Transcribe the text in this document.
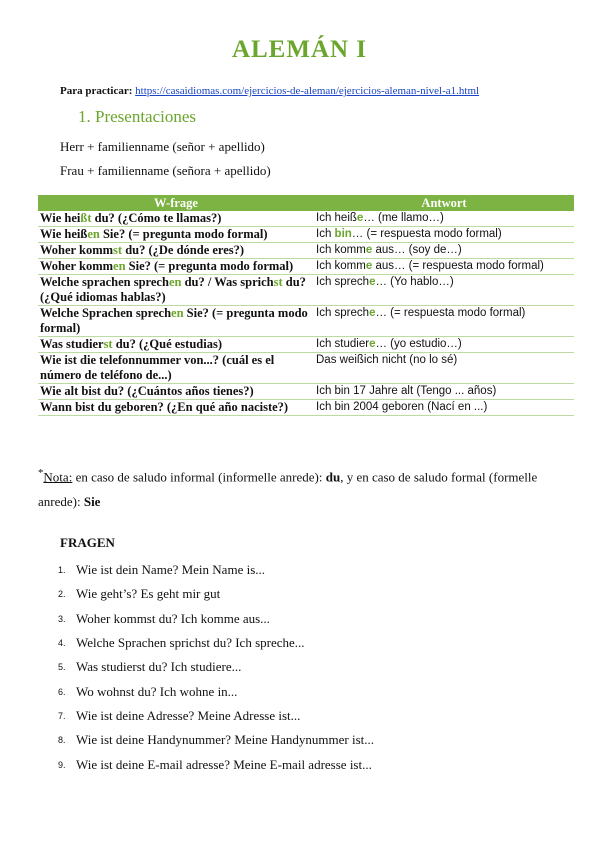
ALEMÁN I
Para practicar: https://casaidiomas.com/ejercicios-de-aleman/ejercicios-aleman-nivel-a1.html
1. Presentaciones
Herr + familienname (señor + apellido)
Frau + familienname (señora + apellido)
W-frage	Antwort
Wie heißt du? (¿Cómo te llamas?)	Ich heiße… (me llamo…)
Wie heißen Sie? (= pregunta modo formal)	Ich bin… (= respuesta modo formal)
Woher kommst du? (¿De dónde eres?)	Ich komme aus… (soy de…)
Woher kommen Sie? (= pregunta modo formal)	Ich komme aus… (= respuesta modo formal)
Welche sprachen sprechen du? / Was sprichst du? (¿Qué idiomas hablas?)	Ich spreche… (Yo hablo…)
Welche Sprachen sprechen Sie? (= pregunta modo formal)	Ich spreche… (= respuesta modo formal)
Was studierst du? (¿Qué estudias)	Ich studiere… (yo estudio…)
Wie ist die telefonnummer von...? (cuál es el número de teléfono de...)	Das weißich nicht (no lo sé)
Wie alt bist du? (¿Cuántos años tienes?)	Ich bin 17 Jahre alt (Tengo ... años)
Wann bist du geboren? (¿En qué año naciste?)	Ich bin 2004 geboren (Nací en ...)
*Nota: en caso de saludo informal (informelle anrede): du, y en caso de saludo formal (formelle anrede): Sie
FRAGEN
1. Wie ist dein Name? Mein Name is...
2. Wie geht’s? Es geht mir gut
3. Woher kommst du? Ich komme aus...
4. Welche Sprachen sprichst du? Ich spreche...
5. Was studierst du? Ich studiere...
6. Wo wohnst du? Ich wohne in...
7. Wie ist deine Adresse? Meine Adresse ist...
8. Wie ist deine Handynummer? Meine Handynummer ist...
9. Wie ist deine E-mail adresse? Meine E-mail adresse ist...
